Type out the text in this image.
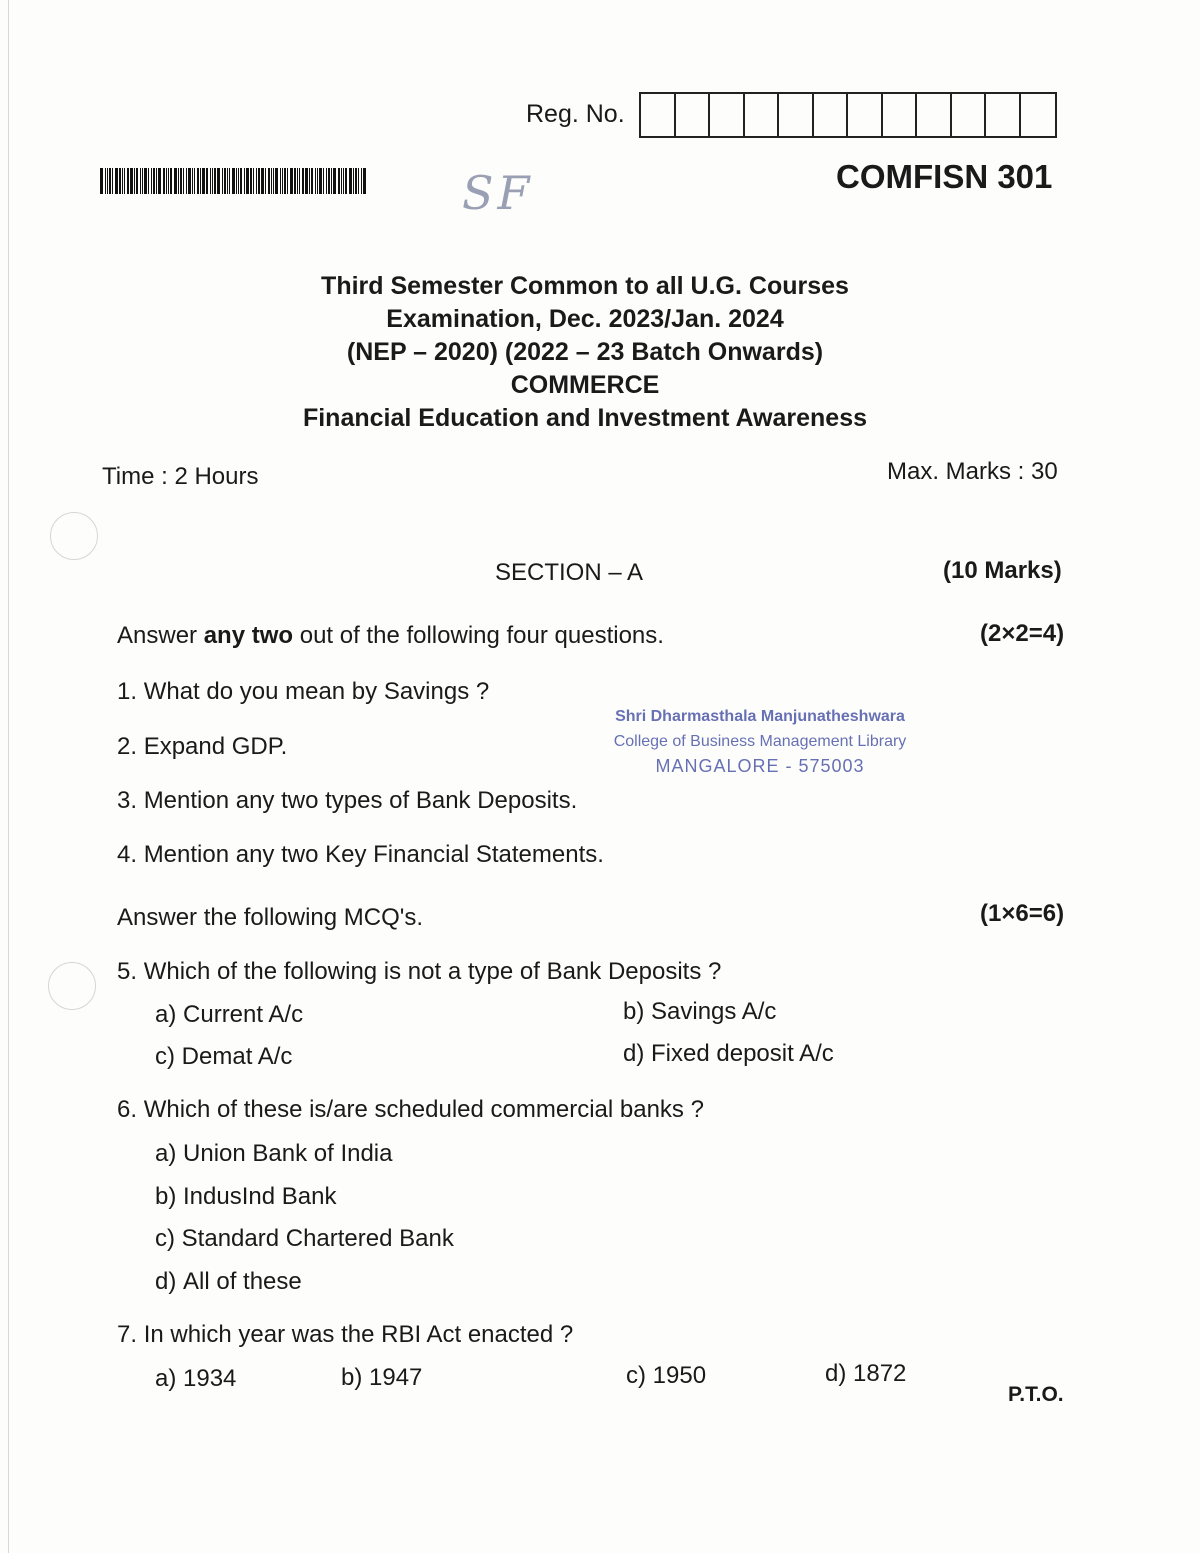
Reg. No.
SF	COMFISN 301
Third Semester Common to all U.G. Courses
Examination, Dec. 2023/Jan. 2024
(NEP – 2020) (2022 – 23 Batch Onwards)
COMMERCE
Financial Education and Investment Awareness
Time : 2 Hours	Max. Marks : 30
SECTION – A	(10 Marks)
Answer any two out of the following four questions.	(2×2=4)
1. What do you mean by Savings ?
2. Expand GDP.
3. Mention any two types of Bank Deposits.
4. Mention any two Key Financial Statements.
Shri Dharmasthala Manjunatheshwara
College of Business Management Library
MANGALORE - 575003
Answer the following MCQ's.	(1×6=6)
5. Which of the following is not a type of Bank Deposits ?
a) Current A/c	b) Savings A/c
c) Demat A/c	d) Fixed deposit A/c
6. Which of these is/are scheduled commercial banks ?
a) Union Bank of India
b) IndusInd Bank
c) Standard Chartered Bank
d) All of these
7. In which year was the RBI Act enacted ?
a) 1934	b) 1947	c) 1950	d) 1872
P.T.O.
